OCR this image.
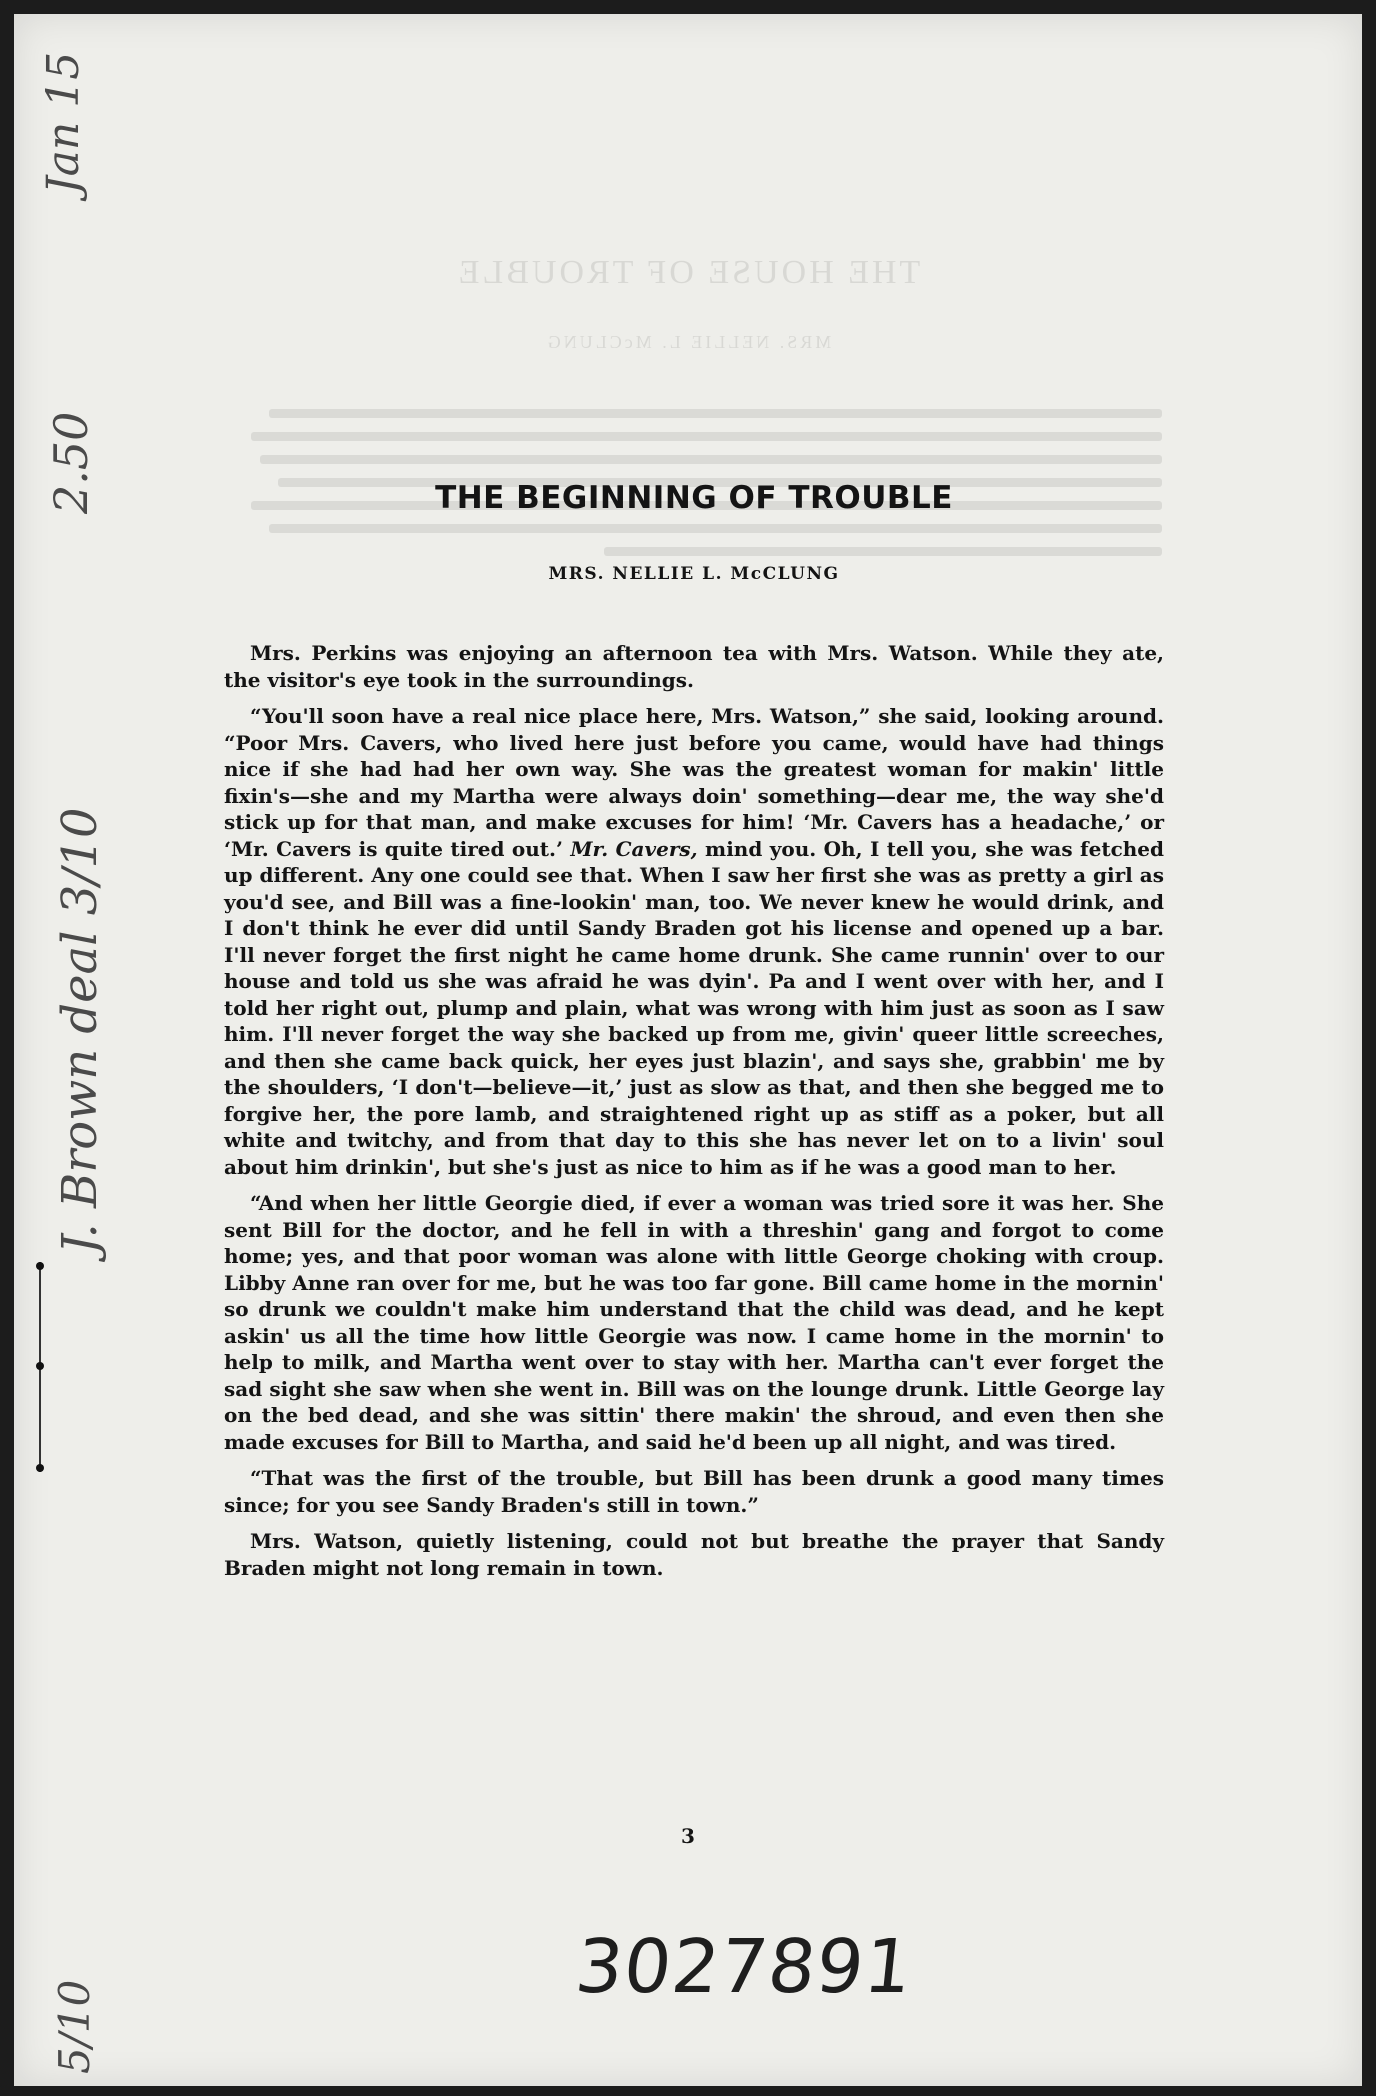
THE HOUSE OF TROUBLE
MRS. NELLIE L. McCLUNG
Jan 15
2.50
J. Brown deal 3/10
5/10
THE BEGINNING OF TROUBLE
MRS. NELLIE L. McCLUNG

Mrs. Perkins was enjoying an afternoon tea with Mrs. Watson. While they ate, the visitor's eye took in the surroundings.

“You'll soon have a real nice place here, Mrs. Watson,” she said, looking around. “Poor Mrs. Cavers, who lived here just before you came, would have had things nice if she had had her own way. She was the greatest woman for makin' little fixin's—she and my Martha were always doin' something—dear me, the way she'd stick up for that man, and make excuses for him! ‘Mr. Cavers has a headache,’ or ‘Mr. Cavers is quite tired out.’ Mr. Cavers, mind you. Oh, I tell you, she was fetched up different. Any one could see that. When I saw her first she was as pretty a girl as you'd see, and Bill was a fine-lookin' man, too. We never knew he would drink, and I don't think he ever did until Sandy Braden got his license and opened up a bar. I'll never forget the first night he came home drunk. She came runnin' over to our house and told us she was afraid he was dyin'. Pa and I went over with her, and I told her right out, plump and plain, what was wrong with him just as soon as I saw him. I'll never forget the way she backed up from me, givin' queer little screeches, and then she came back quick, her eyes just blazin', and says she, grabbin' me by the shoulders, ‘I don't—believe—it,’ just as slow as that, and then she begged me to forgive her, the pore lamb, and straightened right up as stiff as a poker, but all white and twitchy, and from that day to this she has never let on to a livin' soul about him drinkin', but she's just as nice to him as if he was a good man to her.

“And when her little Georgie died, if ever a woman was tried sore it was her. She sent Bill for the doctor, and he fell in with a threshin' gang and forgot to come home; yes, and that poor woman was alone with little George choking with croup. Libby Anne ran over for me, but he was too far gone. Bill came home in the mornin' so drunk we couldn't make him understand that the child was dead, and he kept askin' us all the time how little Georgie was now. I came home in the mornin' to help to milk, and Martha went over to stay with her. Martha can't ever forget the sad sight she saw when she went in. Bill was on the lounge drunk. Little George lay on the bed dead, and she was sittin' there makin' the shroud, and even then she made excuses for Bill to Martha, and said he'd been up all night, and was tired.

“That was the first of the trouble, but Bill has been drunk a good many times since; for you see Sandy Braden's still in town.”

Mrs. Watson, quietly listening, could not but breathe the prayer that Sandy Braden might not long remain in town.

3
3027891
